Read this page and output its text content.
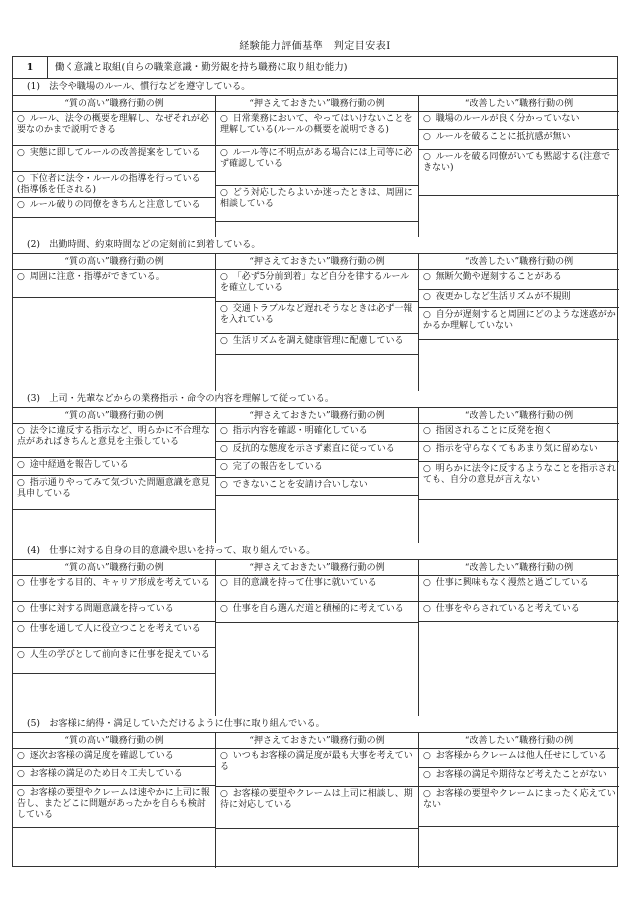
経験能力評価基準　判定目安表Ⅰ
1	働く意識と取組(自らの職業意識・勤労観を持ち職務に取り組む能力)
(1)　法令や職場のルール、慣行などを遵守している。
“質の高い”職務行動の例
○ ルール、法令の概要を理解し、なぜそれが必要なのかまで説明できる
○ 実態に即してルールの改善提案をしている
○ 下位者に法令・ルールの指導を行っている(指導係を任される)
○ ルール破りの同僚をきちんと注意している
“押さえておきたい”職務行動の例
○ 日常業務において、やってはいけないことを理解している(ルールの概要を説明できる)
○ ルール等に不明点がある場合には上司等に必ず確認している
○ どう対応したらよいか迷ったときは、周囲に相談している
“改善したい”職務行動の例
○ 職場のルールが良く分かっていない
○ ルールを破ることに抵抗感が無い
○ ルールを破る同僚がいても黙認する(注意できない)
(2)　出勤時間、約束時間などの定刻前に到着している。
“質の高い”職務行動の例
○ 周囲に注意・指導ができている。
“押さえておきたい”職務行動の例
○ 「必ず5分前到着」など自分を律するルールを確立している
○ 交通トラブルなど遅れそうなときは必ず一報を入れている
○ 生活リズムを調え健康管理に配慮している
“改善したい”職務行動の例
○ 無断欠勤や遅刻することがある
○ 夜更かしなど生活リズムが不規則
○ 自分が遅刻すると周囲にどのような迷惑がかかるか理解していない
(3)　上司・先輩などからの業務指示・命令の内容を理解して従っている。
“質の高い”職務行動の例
○ 法令に違反する指示など、明らかに不合理な点があればきちんと意見を主張している
○ 途中経過を報告している
○ 指示通りやってみて気づいた問題意識を意見具申している
“押さえておきたい”職務行動の例
○ 指示内容を確認・明確化している
○ 反抗的な態度を示さず素直に従っている
○ 完了の報告をしている
○ できないことを安請け合いしない
“改善したい”職務行動の例
○ 指図されることに反発を抱く
○ 指示を守らなくてもあまり気に留めない
○ 明らかに法令に反するようなことを指示されても、自分の意見が言えない
(4)　仕事に対する自身の目的意識や思いを持って、取り組んでいる。
“質の高い”職務行動の例
○ 仕事をする目的、キャリア形成を考えている
○ 仕事に対する問題意識を持っている
○ 仕事を通して人に役立つことを考えている
○ 人生の学びとして前向きに仕事を捉えている
“押さえておきたい”職務行動の例
○ 目的意識を持って仕事に就いている
○ 仕事を自ら選んだ道と積極的に考えている
“改善したい”職務行動の例
○ 仕事に興味もなく漫然と過ごしている
○ 仕事をやらされていると考えている
(5)　お客様に納得・満足していただけるように仕事に取り組んでいる。
“質の高い”職務行動の例
○ 逐次お客様の満足度を確認している
○ お客様の満足のため日々工夫している
○ お客様の要望やクレームは速やかに上司に報告し、またどこに問題があったかを自らも検討している
“押さえておきたい”職務行動の例
○ いつもお客様の満足度が最も大事を考えている
○ お客様の要望やクレームは上司に相談し、期待に対応している
“改善したい”職務行動の例
○ お客様からクレームは他人任せにしている
○ お客様の満足や期待など考えたことがない
○ お客様の要望やクレームにまったく応えていない
